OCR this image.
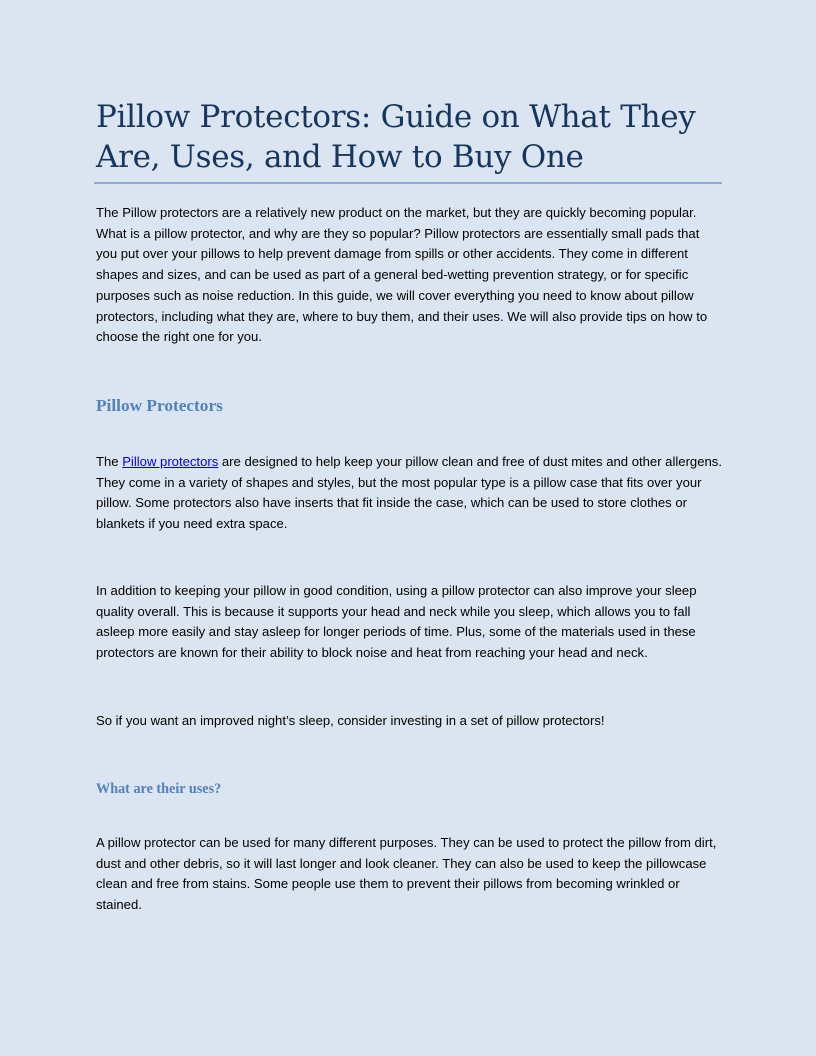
Pillow Protectors: Guide on What They Are, Uses, and How to Buy One

The Pillow protectors are a relatively new product on the market, but they are quickly becoming popular. What is a pillow protector, and why are they so popular? Pillow protectors are essentially small pads that you put over your pillows to help prevent damage from spills or other accidents. They come in different shapes and sizes, and can be used as part of a general bed-wetting prevention strategy, or for specific purposes such as noise reduction. In this guide, we will cover everything you need to know about pillow protectors, including what they are, where to buy them, and their uses. We will also provide tips on how to choose the right one for you.

Pillow Protectors

The Pillow protectors are designed to help keep your pillow clean and free of dust mites and other allergens. They come in a variety of shapes and styles, but the most popular type is a pillow case that fits over your pillow. Some protectors also have inserts that fit inside the case, which can be used to store clothes or blankets if you need extra space.

In addition to keeping your pillow in good condition, using a pillow protector can also improve your sleep quality overall. This is because it supports your head and neck while you sleep, which allows you to fall asleep more easily and stay asleep for longer periods of time. Plus, some of the materials used in these protectors are known for their ability to block noise and heat from reaching your head and neck.

So if you want an improved night’s sleep, consider investing in a set of pillow protectors!

What are their uses?

A pillow protector can be used for many different purposes. They can be used to protect the pillow from dirt, dust and other debris, so it will last longer and look cleaner. They can also be used to keep the pillowcase clean and free from stains. Some people use them to prevent their pillows from becoming wrinkled or stained.
